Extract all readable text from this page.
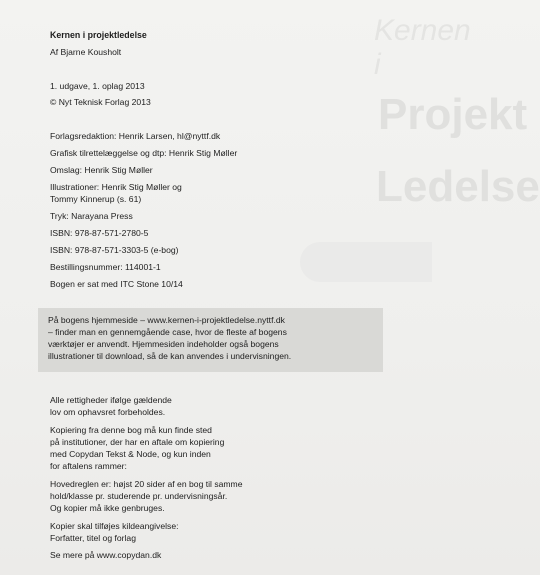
Kernen i
Projekt
Ledelse
Kernen i projektledelse
Af Bjarne Kousholt
1. udgave, 1. oplag 2013
© Nyt Teknisk Forlag 2013
Forlagsredaktion: Henrik Larsen, hl@nyttf.dk
Grafisk tilrettelæggelse og dtp: Henrik Stig Møller
Omslag: Henrik Stig Møller
Illustrationer: Henrik Stig Møller og
Tommy Kinnerup (s. 61)
Tryk: Narayana Press
ISBN: 978-87-571-2780-5
ISBN: 978-87-571-3303-5 (e-bog)
Bestillingsnummer: 114001-1
Bogen er sat med ITC Stone 10/14
På bogens hjemmeside – www.kernen-i-projektledelse.nyttf.dk
– finder man en gennemgående case, hvor de fleste af bogens
værktøjer er anvendt. Hjemmesiden indeholder også bogens
illustrationer til download, så de kan anvendes i undervisningen.
Alle rettigheder ifølge gældende
lov om ophavsret forbeholdes.
Kopiering fra denne bog må kun finde sted
på institutioner, der har en aftale om kopiering
med Copydan Tekst & Node, og kun inden
for aftalens rammer:
Hovedreglen er: højst 20 sider af en bog til samme
hold/klasse pr. studerende pr. undervisningsår.
Og kopier må ikke genbruges.
Kopier skal tilføjes kildeangivelse:
Forfatter, titel og forlag
Se mere på www.copydan.dk
